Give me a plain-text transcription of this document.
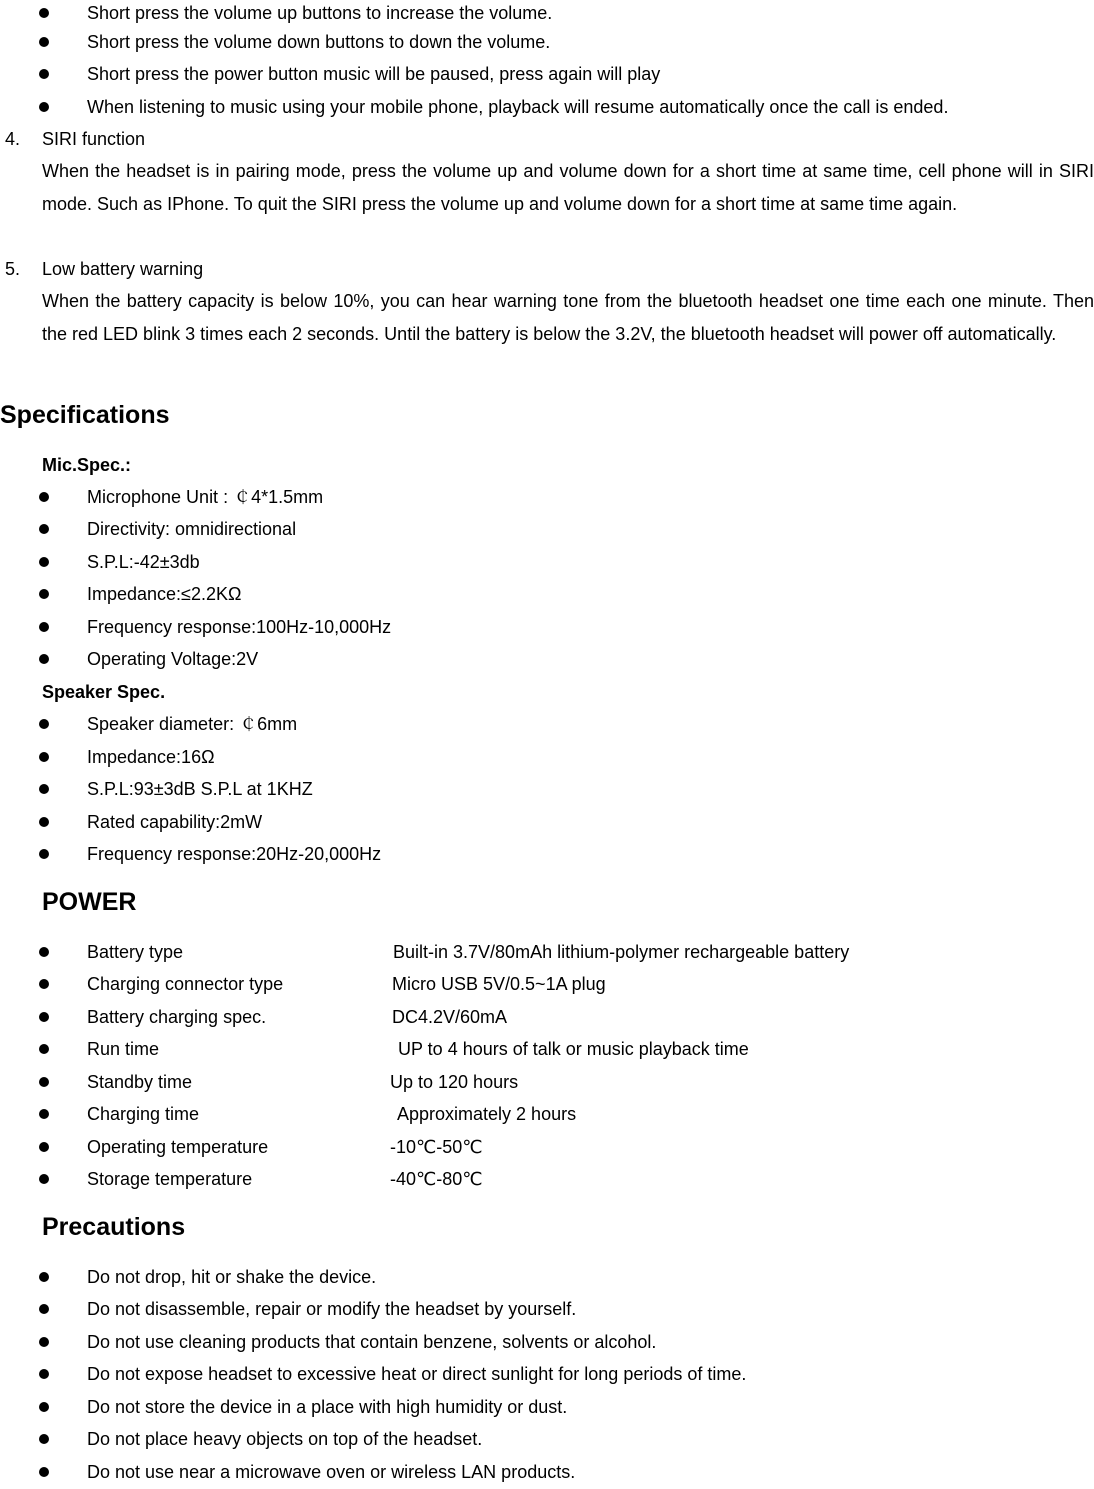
Short press the volume up buttons to increase the volume.
Short press the volume down buttons to down the volume.
Short press the power button music will be paused, press again will play
When listening to music using your mobile phone, playback will resume automatically once the call is ended.
4. SIRI function
When the headset is in pairing mode, press the volume up and volume down for a short time at same time, cell phone will in SIRI mode. Such as IPhone. To quit the SIRI press the volume up and volume down for a short time at same time again.
5. Low battery warning
When the battery capacity is below 10%, you can hear warning tone from the bluetooth headset one time each one minute. Then the red LED blink 3 times each 2 seconds. Until the battery is below the 3.2V, the bluetooth headset will power off automatically.
Specifications
Mic.Spec.:
Microphone Unit : ￠4*1.5mm
Directivity: omnidirectional
S.P.L:-42±3db
Impedance:≤2.2KΩ
Frequency response:100Hz-10,000Hz
Operating Voltage:2V
Speaker Spec.
Speaker diameter: ￠6mm
Impedance:16Ω
S.P.L:93±3dB S.P.L at 1KHZ
Rated capability:2mW
Frequency response:20Hz-20,000Hz
POWER
Battery type	Built-in 3.7V/80mAh lithium-polymer rechargeable battery
Charging connector type	Micro USB 5V/0.5~1A plug
Battery charging spec.	DC4.2V/60mA
Run time	UP to 4 hours of talk or music playback time
Standby time	Up to 120 hours
Charging time	Approximately 2 hours
Operating temperature	-10℃-50℃
Storage temperature	-40℃-80℃
Precautions
Do not drop, hit or shake the device.
Do not disassemble, repair or modify the headset by yourself.
Do not use cleaning products that contain benzene, solvents or alcohol.
Do not expose headset to excessive heat or direct sunlight for long periods of time.
Do not store the device in a place with high humidity or dust.
Do not place heavy objects on top of the headset.
Do not use near a microwave oven or wireless LAN products.
